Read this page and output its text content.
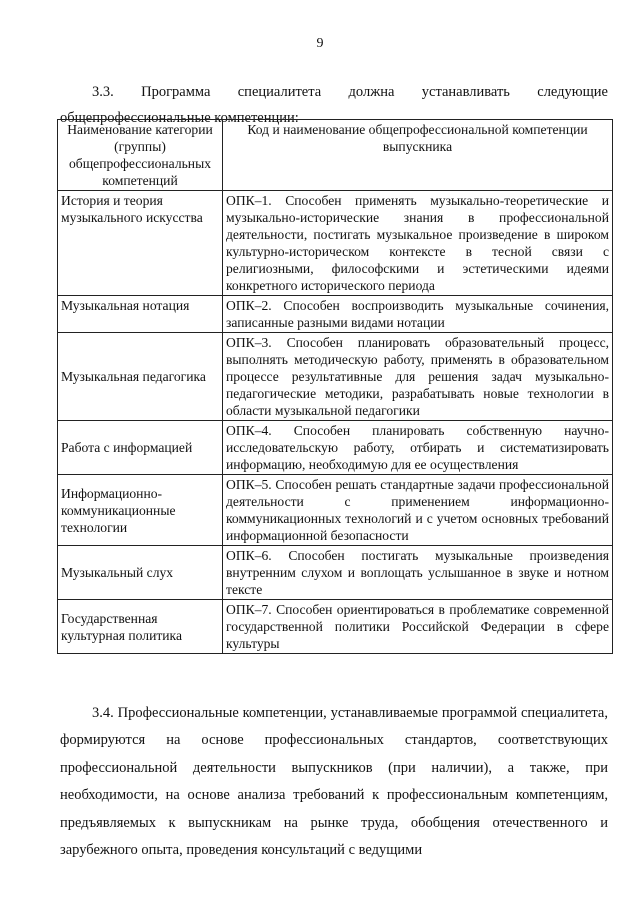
9

3.3. Программа специалитета должна устанавливать следующие общепрофессиональные компетенции:

Наименование категории (группы) общепрофессиональных компетенций	Код и наименование общепрофессиональной компетенции выпускника
История и теория музыкального искусства	ОПК–1. Способен применять музыкально-теоретические и музыкально-исторические знания в профессиональной деятельности, постигать музыкальное произведение в широком культурно-историческом контексте в тесной связи с религиозными, философскими и эстетическими идеями конкретного исторического периода
Музыкальная нотация	ОПК–2. Способен воспроизводить музыкальные сочинения, записанные разными видами нотации
Музыкальная педагогика	ОПК–3. Способен планировать образовательный процесс, выполнять методическую работу, применять в образовательном процессе результативные для решения задач музыкально-педагогические методики, разрабатывать новые технологии в области музыкальной педагогики
Работа с информацией	ОПК–4. Способен планировать собственную научно-исследовательскую работу, отбирать и систематизировать информацию, необходимую для ее осуществления
Информационно-коммуникационные технологии	ОПК–5. Способен решать стандартные задачи профессиональной деятельности с применением информационно-коммуникационных технологий и с учетом основных требований информационной безопасности
Музыкальный слух	ОПК–6. Способен постигать музыкальные произведения внутренним слухом и воплощать услышанное в звуке и нотном тексте
Государственная культурная политика	ОПК–7. Способен ориентироваться в проблематике современной государственной политики Российской Федерации в сфере культуры

3.4. Профессиональные компетенции, устанавливаемые программой специалитета, формируются на основе профессиональных стандартов, соответствующих профессиональной деятельности выпускников (при наличии), а также, при необходимости, на основе анализа требований к профессиональным компетенциям, предъявляемых к выпускникам на рынке труда, обобщения отечественного и зарубежного опыта, проведения консультаций с ведущими
